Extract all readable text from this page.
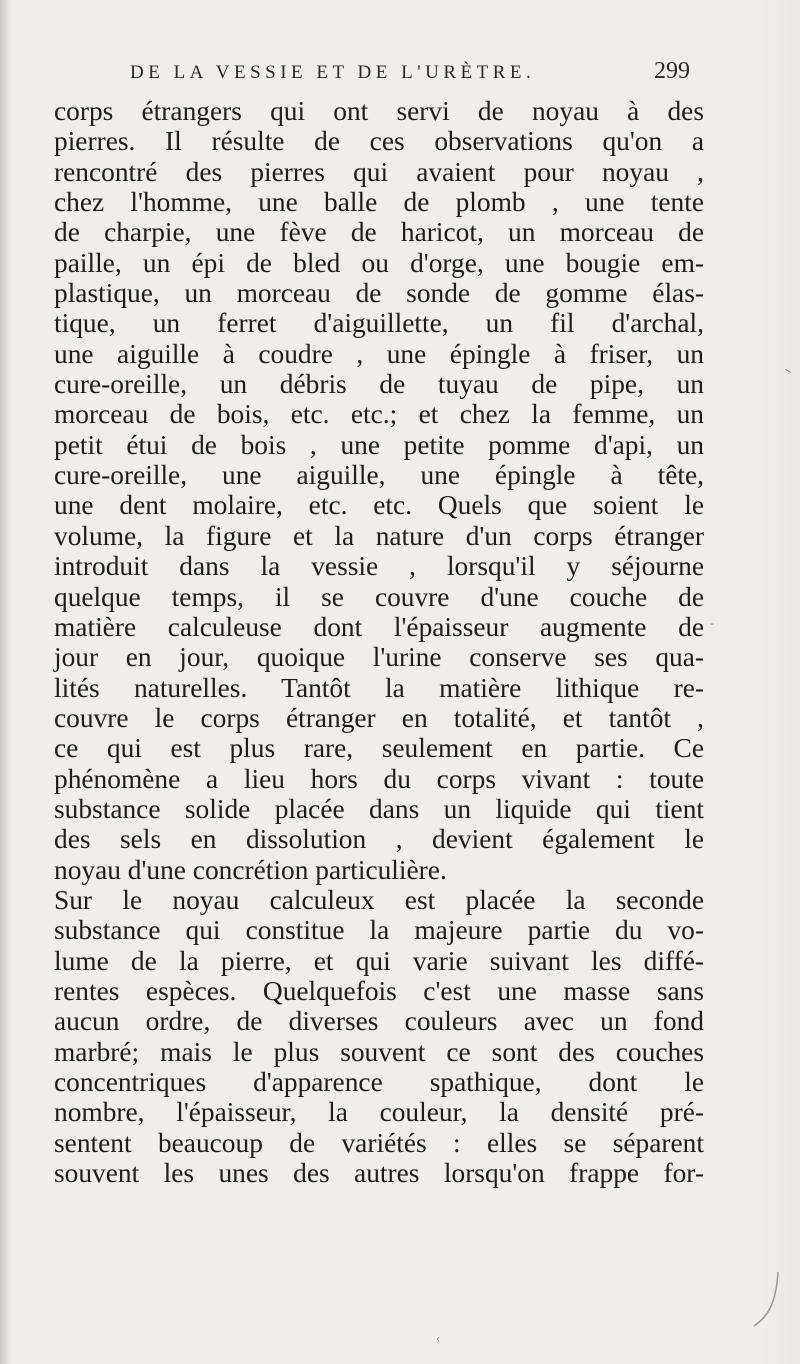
DE LA VESSIE ET DE L'URÈTRE.	299
corps étrangers qui ont servi de noyau à des
pierres. Il résulte de ces observations qu'on a
rencontré des pierres qui avaient pour noyau ,
chez l'homme, une balle de plomb , une tente
de charpie, une fève de haricot, un morceau de
paille, un épi de bled ou d'orge, une bougie em-
plastique, un morceau de sonde de gomme élas-
tique, un ferret d'aiguillette, un fil d'archal,
une aiguille à coudre , une épingle à friser, un
cure-oreille, un débris de tuyau de pipe, un
morceau de bois, etc. etc.; et chez la femme, un
petit étui de bois , une petite pomme d'api, un
cure-oreille, une aiguille, une épingle à tête,
une dent molaire, etc. etc. Quels que soient le
volume, la figure et la nature d'un corps étranger
introduit dans la vessie , lorsqu'il y séjourne
quelque temps, il se couvre d'une couche de
matière calculeuse dont l'épaisseur augmente de
jour en jour, quoique l'urine conserve ses qua-
lités naturelles. Tantôt la matière lithique re-
couvre le corps étranger en totalité, et tantôt ,
ce qui est plus rare, seulement en partie. Ce
phénomène a lieu hors du corps vivant : toute
substance solide placée dans un liquide qui tient
des sels en dissolution , devient également le
noyau d'une concrétion particulière.
Sur le noyau calculeux est placée la seconde
substance qui constitue la majeure partie du vo-
lume de la pierre, et qui varie suivant les diffé-
rentes espèces. Quelquefois c'est une masse sans
aucun ordre, de diverses couleurs avec un fond
marbré; mais le plus souvent ce sont des couches
concentriques d'apparence spathique, dont le
nombre, l'épaisseur, la couleur, la densité pré-
sentent beaucoup de variétés : elles se séparent
souvent les unes des autres lorsqu'on frappe for-
-
‹
